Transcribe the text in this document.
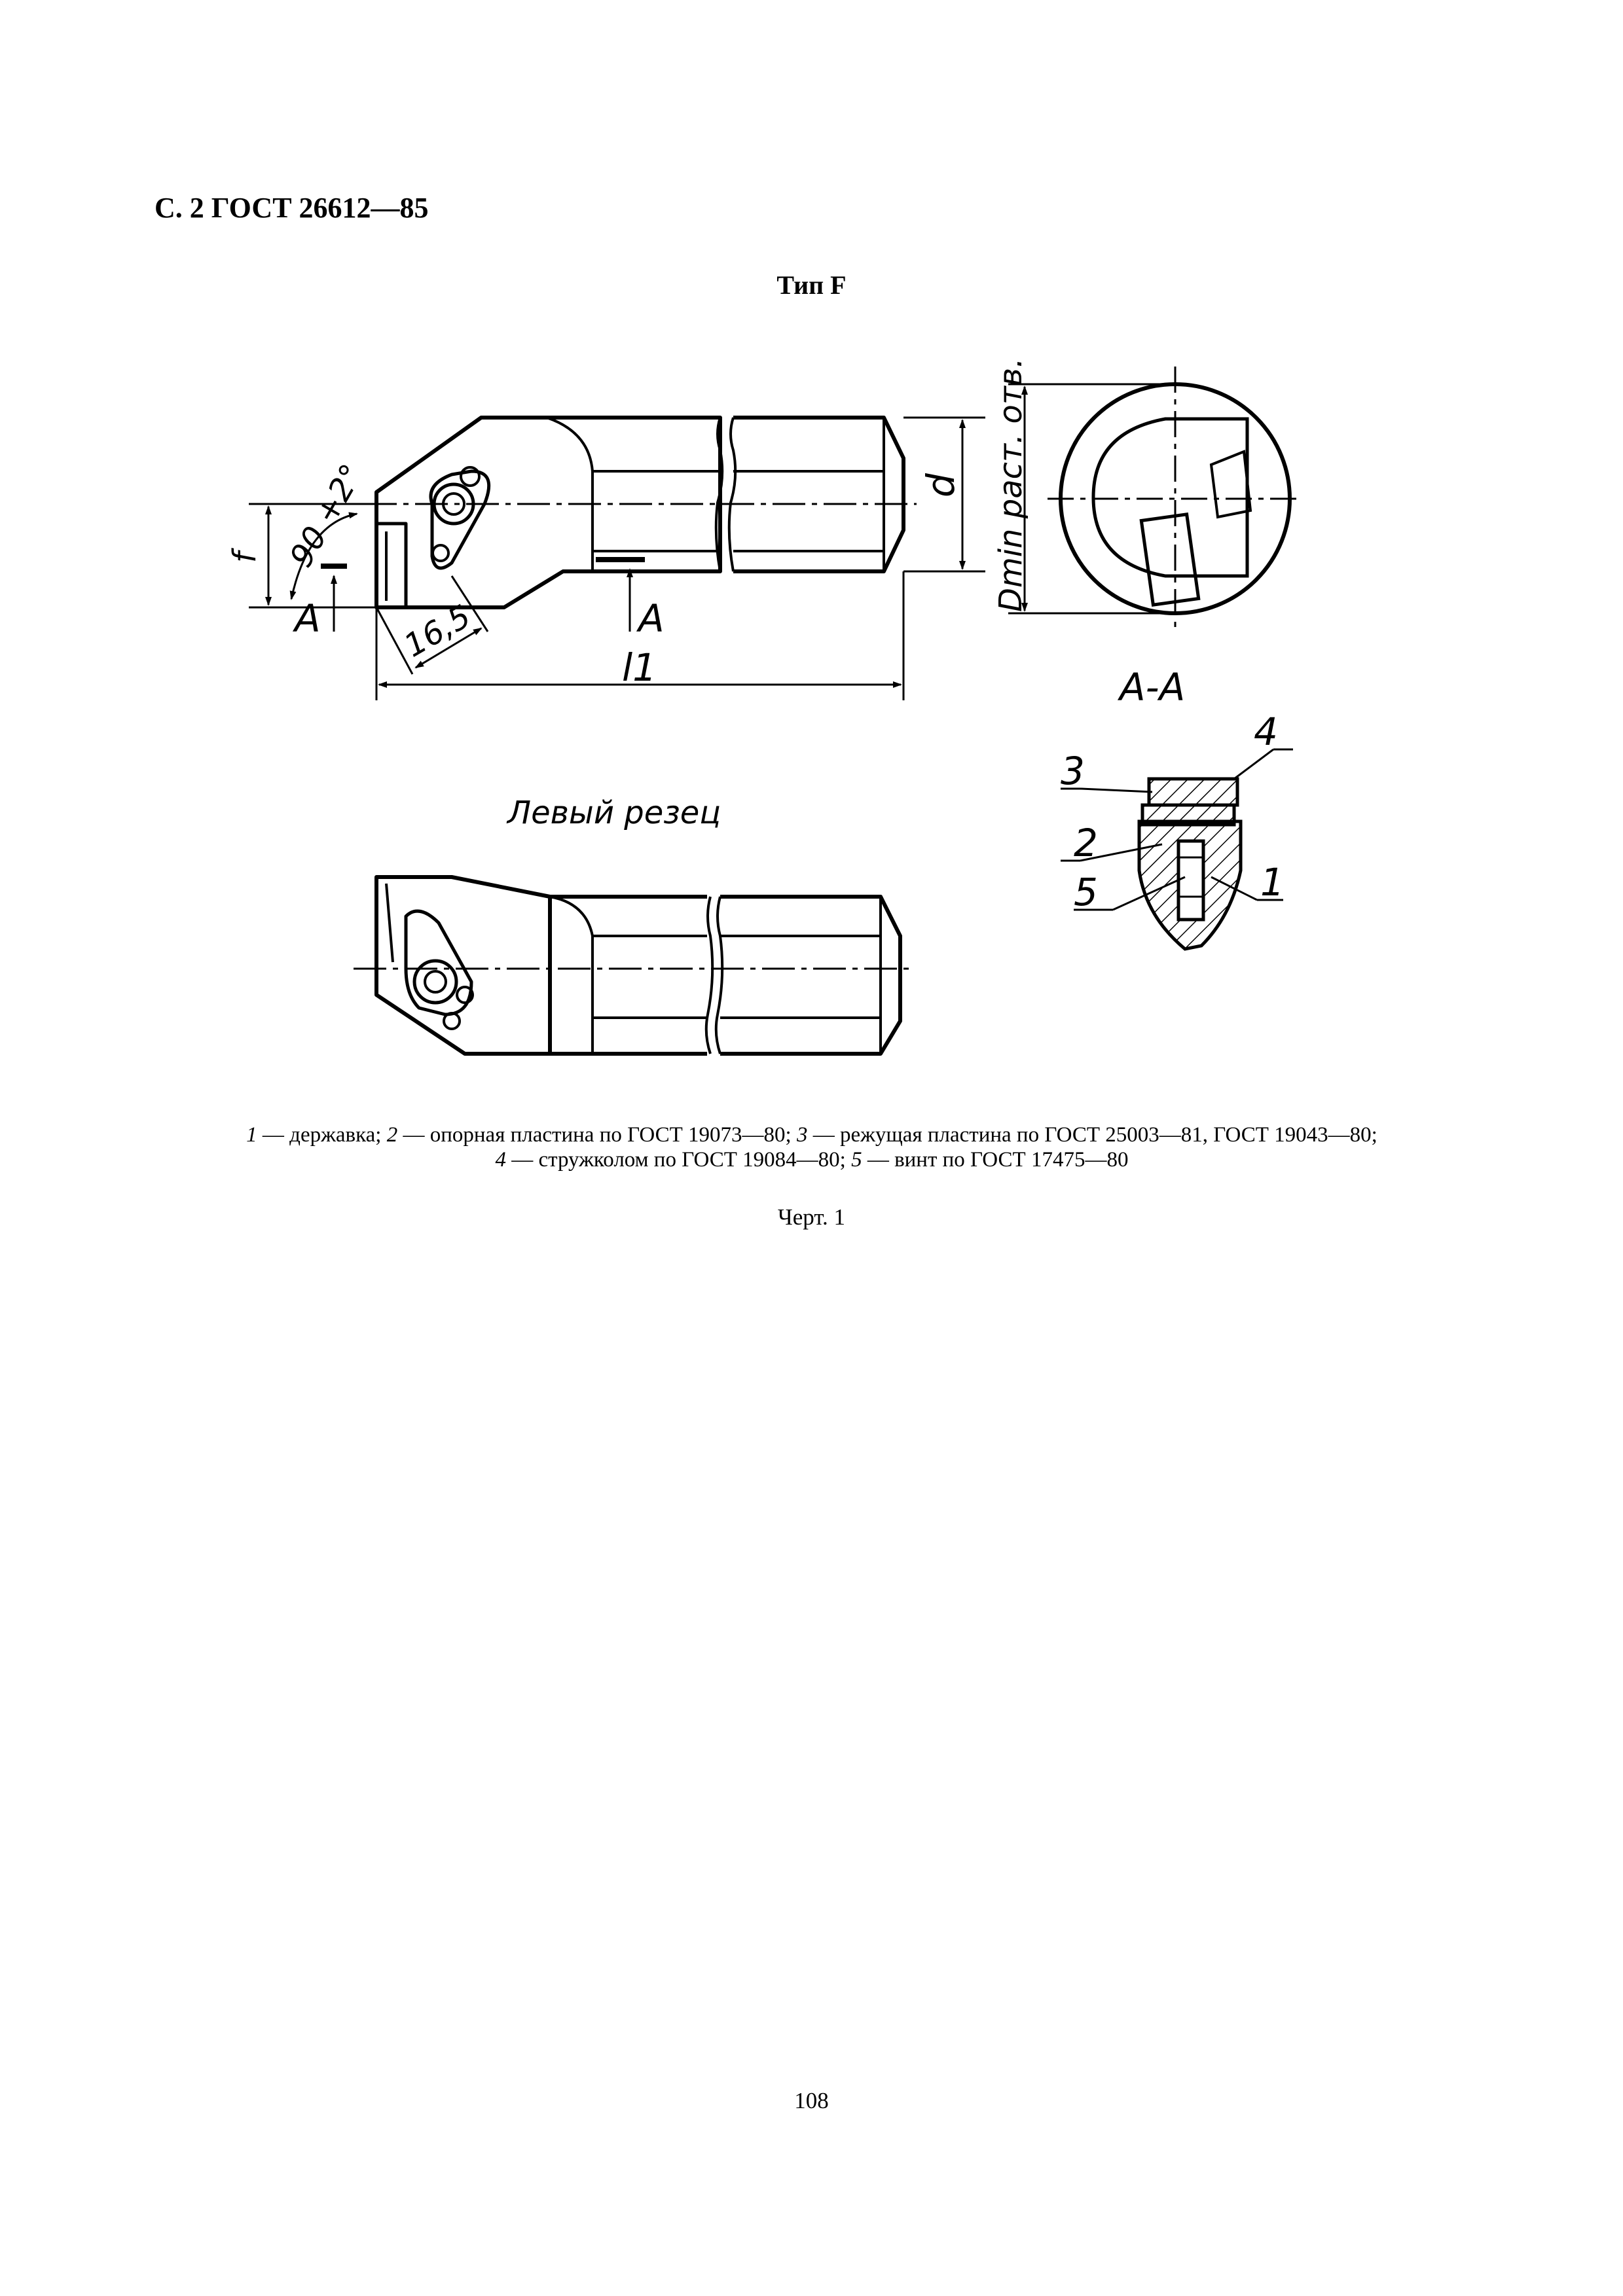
С. 2 ГОСТ 26612—85
Тип F
d
f 90 +2°
16,5
l1
A	A
Dmin раст. отв.
A-A
4
3
2
5	1
Левый резец
1 — державка; 2 — опорная пластина по ГОСТ 19073—80; 3 — режущая пластина по ГОСТ 25003—81, ГОСТ 19043—80;
4 — стружколом по ГОСТ 19084—80; 5 — винт по ГОСТ 17475—80
Черт. 1
108
